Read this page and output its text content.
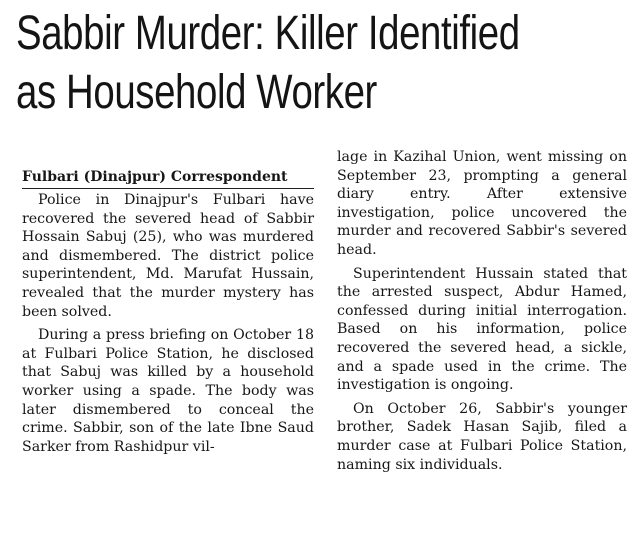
Sabbir Murder: Killer Identified
as Household Worker
Fulbari (Dinajpur) Correspondent

Police in Dinajpur's Fulbari have recovered the severed head of Sabbir Hossain Sabuj (25), who was murdered and dismembered. The district police superintendent, Md. Marufat Hussain, revealed that the murder mystery has been solved.

During a press briefing on October 18 at Fulbari Police Station, he disclosed that Sabuj was killed by a household worker using a spade. The body was later dismembered to conceal the crime. Sabbir, son of the late Ibne Saud Sarker from Rashidpur vil-

lage in Kazihal Union, went missing on September 23, prompting a general diary entry. After extensive investigation, police uncovered the murder and recovered Sabbir's severed head.

Superintendent Hussain stated that the arrested suspect, Abdur Hamed, confessed during initial interrogation. Based on his information, police recovered the severed head, a sickle, and a spade used in the crime. The investigation is ongoing.

On October 26, Sabbir's younger brother, Sadek Hasan Sajib, filed a murder case at Fulbari Police Station, naming six individuals.
